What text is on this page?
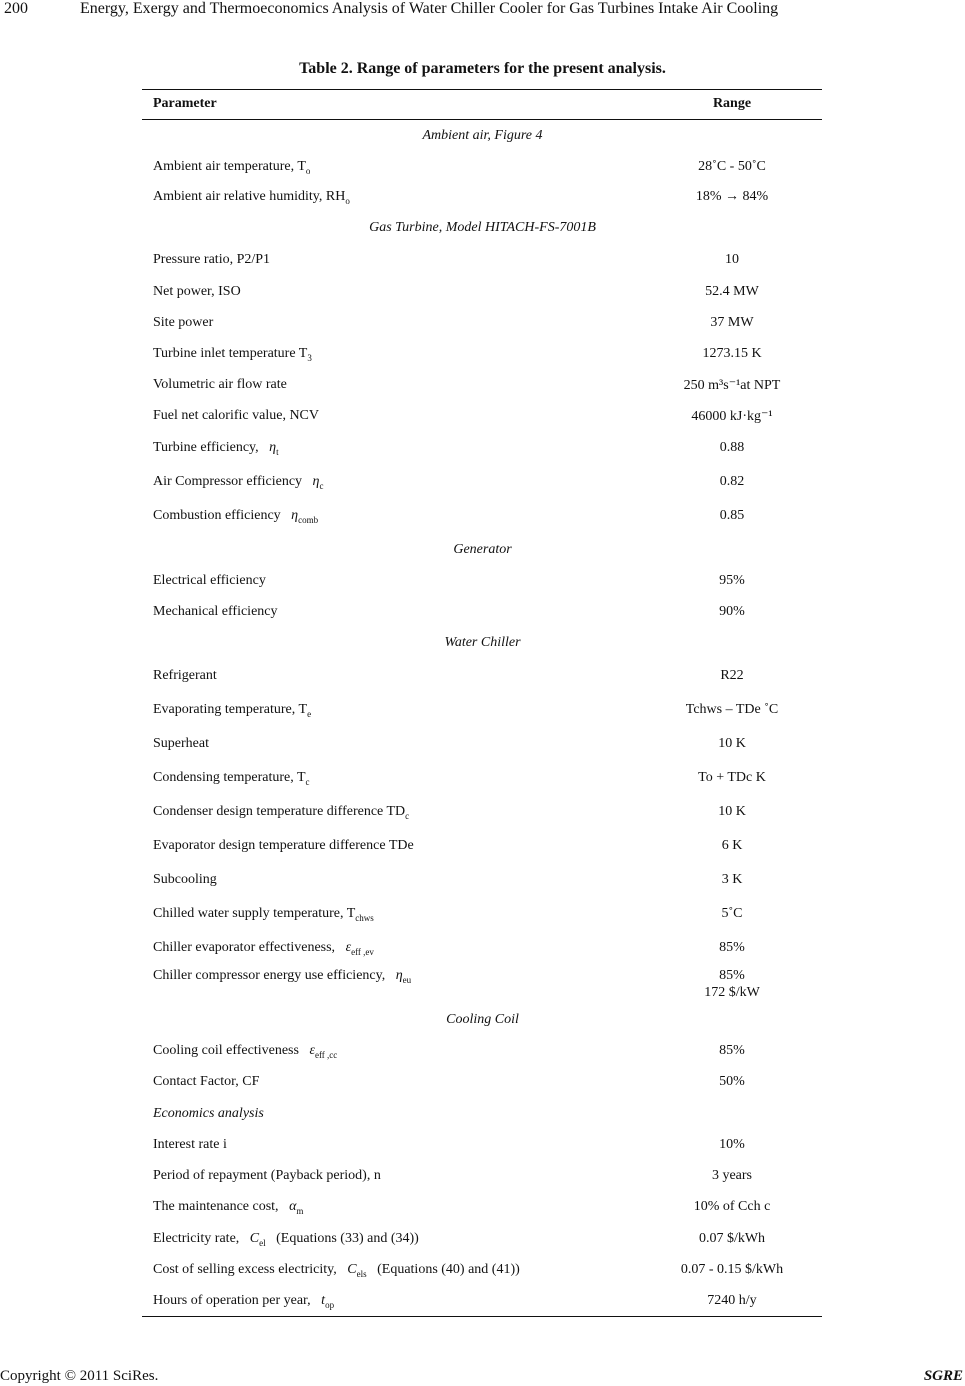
200	Energy, Exergy and Thermoeconomics Analysis of Water Chiller Cooler for Gas Turbines Intake Air Cooling
Table 2. Range of parameters for the present analysis.
Parameter	Range
Ambient air, Figure 4
Ambient air temperature, $T_o$	28˚C - 50˚C
Ambient air relative humidity, $RH_o$	18% → 84%
Gas Turbine, Model HITACH-FS-7001B
Pressure ratio, P2/P1	10
Net power, ISO	52.4 MW
Site power	37 MW
Turbine inlet temperature $T_3$	1273.15 K
Volumetric air flow rate	250 m³s⁻¹at NPT
Fuel net calorific value, NCV	46000 kJ·kg⁻¹
Turbine efficiency, $\eta_t$	0.88
Air Compressor efficiency $\eta_c$	0.82
Combustion efficiency $\eta_{comb}$	0.85
Generator
Electrical efficiency	95%
Mechanical efficiency	90%
Water Chiller
Refrigerant	R22
Evaporating temperature, $T_e$	Tchws – TDe ˚C
Superheat	10 K
Condensing temperature, $T_c$	To + TDc K
Condenser design temperature difference $TD_c$	10 K
Evaporator design temperature difference TDe	6 K
Subcooling	3 K
Chilled water supply temperature, $T_{chws}$	5˚C
Chiller evaporator effectiveness, $\varepsilon_{eff ,ev}$	85%
Chiller compressor energy use efficiency, $\eta_{eu}$	85%
172 $/kW
Cooling Coil
Cooling coil effectiveness $\varepsilon_{eff ,cc}$	85%
Contact Factor, CF	50%
Economics analysis
Interest rate i	10%
Period of repayment (Payback period), n	3 years
The maintenance cost, $\alpha_m$	10% of Cch c
Electricity rate, $C_{el}$ (Equations (33) and (34))	0.07 $/kWh
Cost of selling excess electricity, $C_{els}$ (Equations (40) and (41))	0.07 - 0.15 $/kWh
Hours of operation per year, $t_{op}$	7240 h/y
Copyright © 2011 SciRes.	SGRE
